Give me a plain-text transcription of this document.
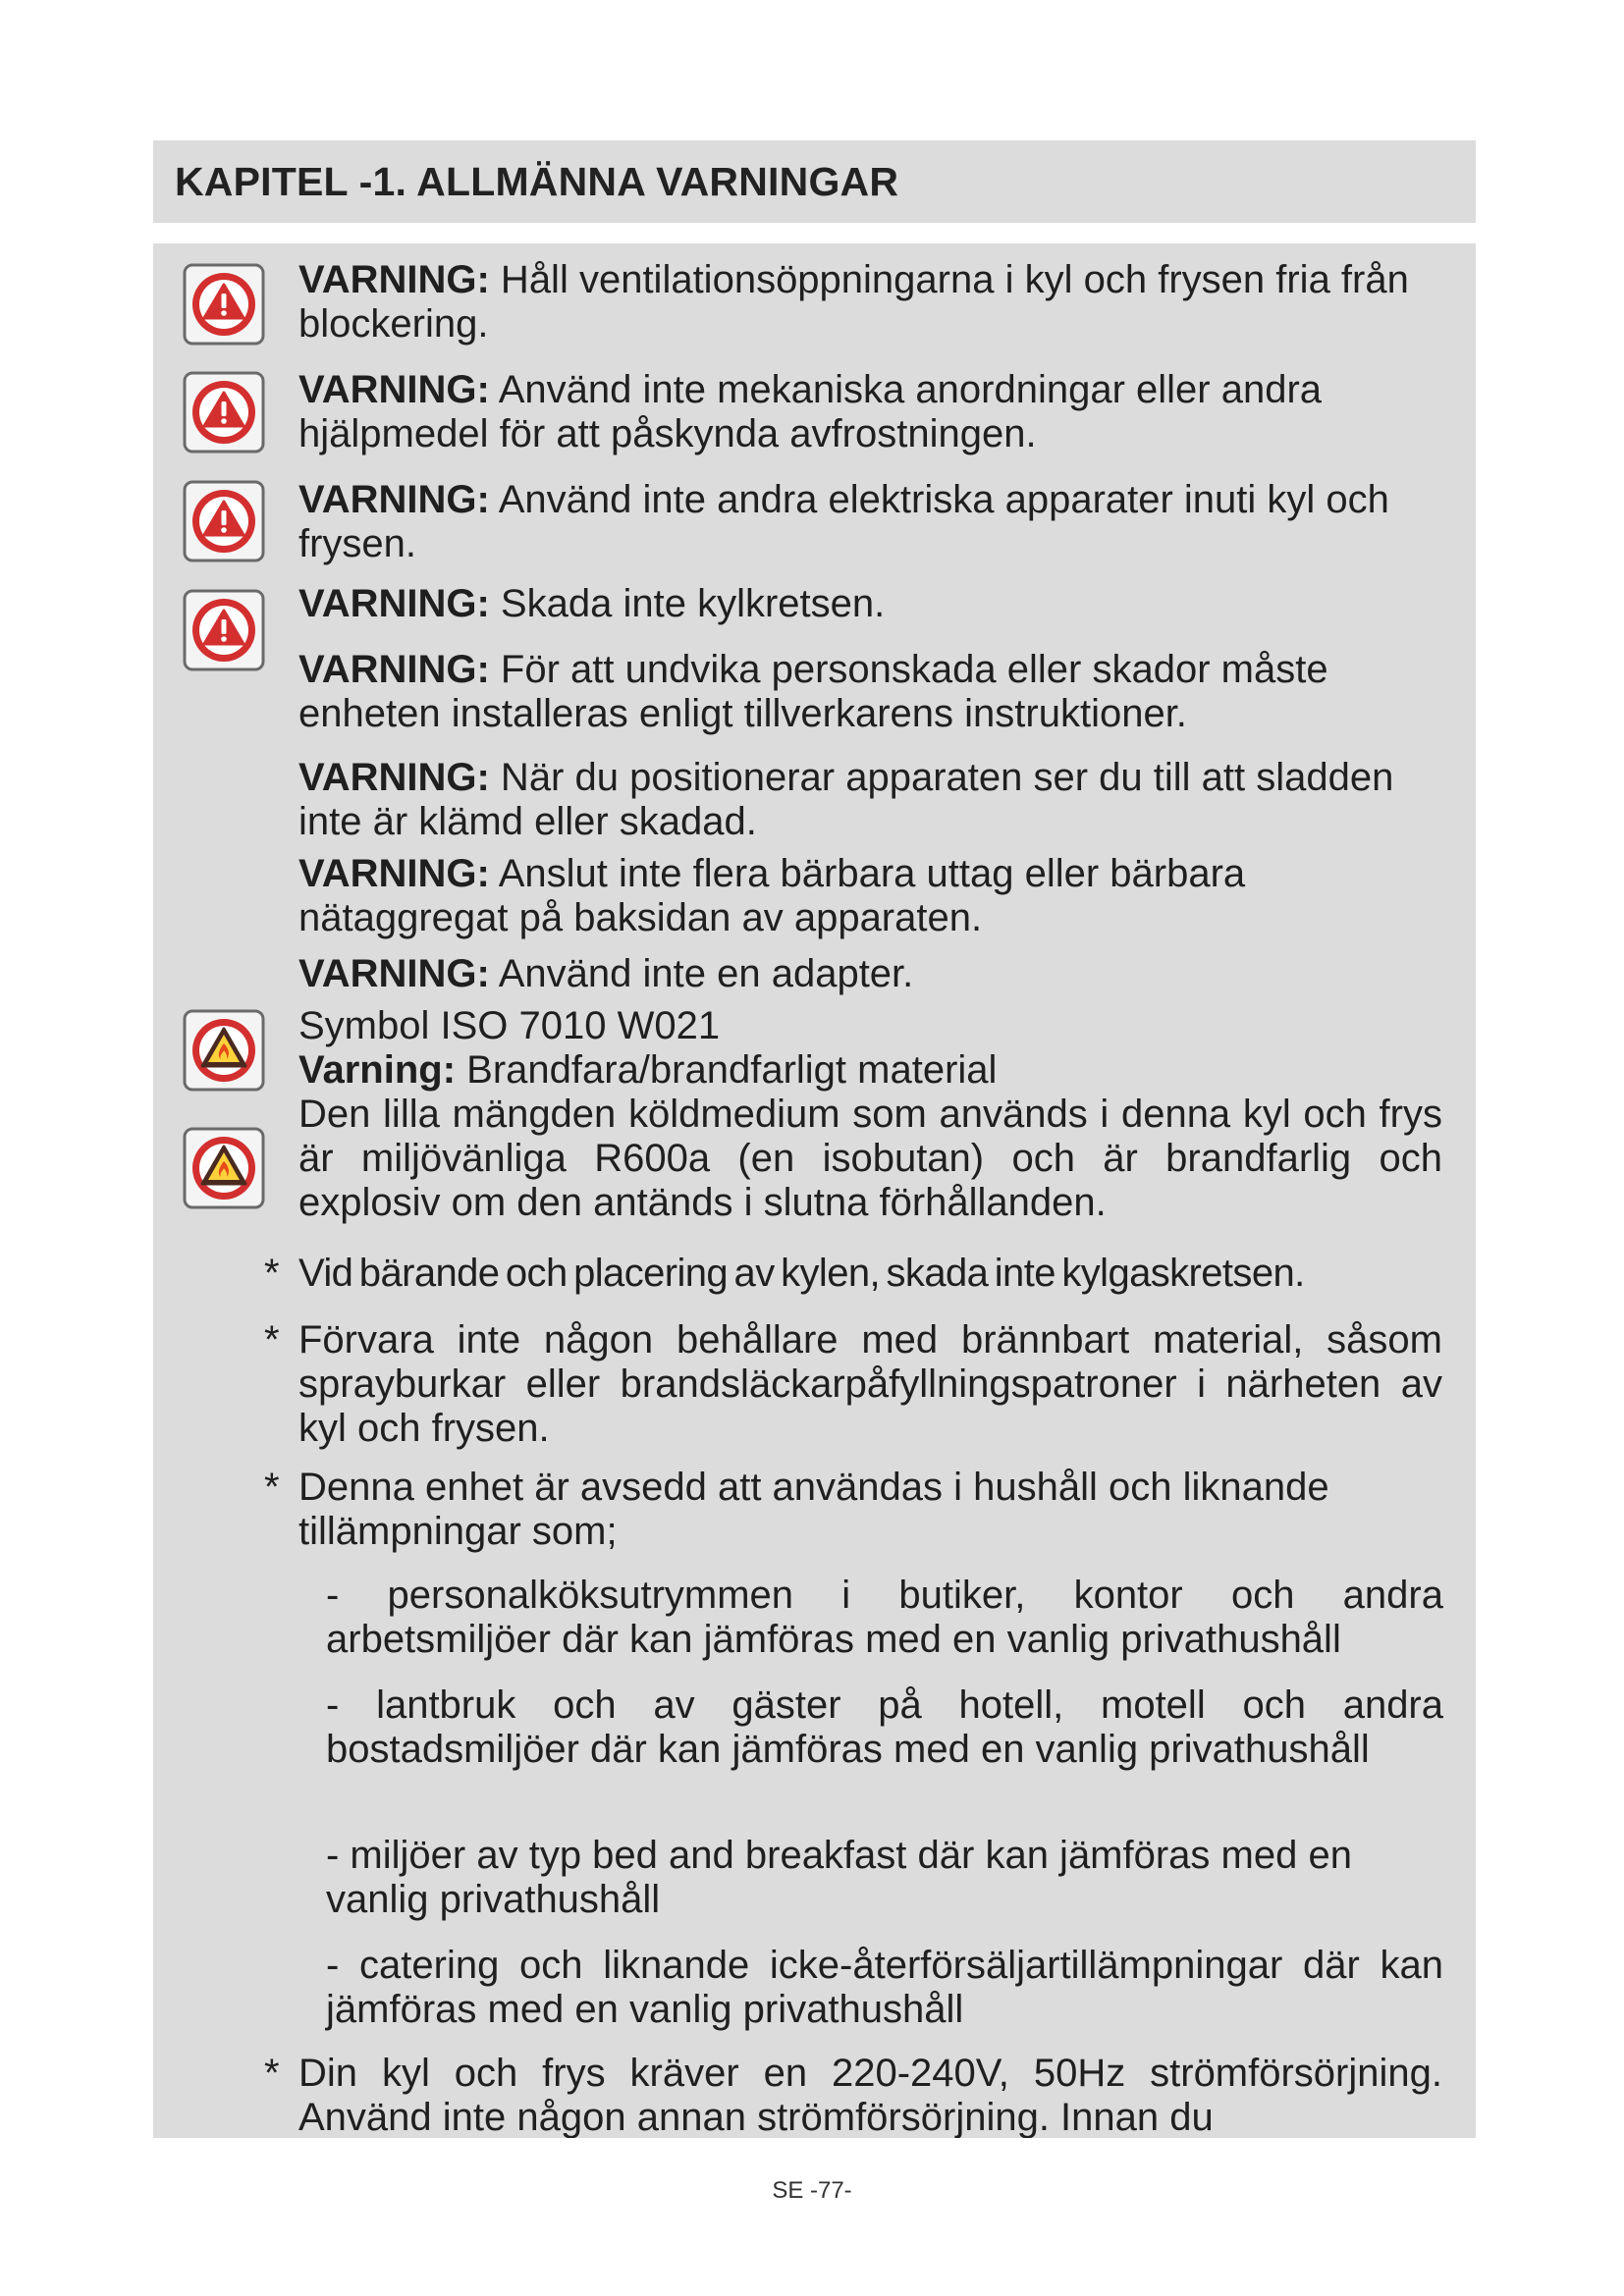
KAPITEL -1. ALLMÄNNA VARNINGAR
VARNING: Håll ventilationsöppningarna i kyl och frysen fria från blockering.
VARNING: Använd inte mekaniska anordningar eller andra hjälpmedel för att påskynda avfrostningen.
VARNING: Använd inte andra elektriska apparater inuti kyl och frysen.
VARNING: Skada inte kylkretsen.
VARNING: För att undvika personskada eller skador måste enheten installeras enligt tillverkarens instruktioner.
VARNING: När du positionerar apparaten ser du till att sladden inte är klämd eller skadad.
VARNING: Anslut inte flera bärbara uttag eller bärbara nätaggregat på baksidan av apparaten.
VARNING: Använd inte en adapter.
Symbol ISO 7010 W021
Varning: Brandfara/brandfarligt material
Den lilla mängden köldmedium som används i denna kyl och frys är miljövänliga R600a (en isobutan) och är brandfarlig och explosiv om den antänds i slutna förhållanden.
* Vid bärande och placering av kylen, skada inte kylgaskretsen.
* Förvara inte någon behållare med brännbart material, såsom sprayburkar eller brandsläckarpåfyllningspatroner i närheten av kyl och frysen.
* Denna enhet är avsedd att användas i hushåll och liknande tillämpningar som;
- personalköksutrymmen i butiker, kontor och andra arbetsmiljöer där kan jämföras med en vanlig privathushåll
- lantbruk och av gäster på hotell, motell och andra bostadsmiljöer där kan jämföras med en vanlig privathushåll
- miljöer av typ bed and breakfast där kan jämföras med en vanlig privathushåll
- catering och liknande icke-återförsäljartillämpningar där kan jämföras med en vanlig privathushåll
* Din kyl och frys kräver en 220-240V, 50Hz strömförsörjning. Använd inte någon annan strömförsörjning. Innan du
SE -77-
